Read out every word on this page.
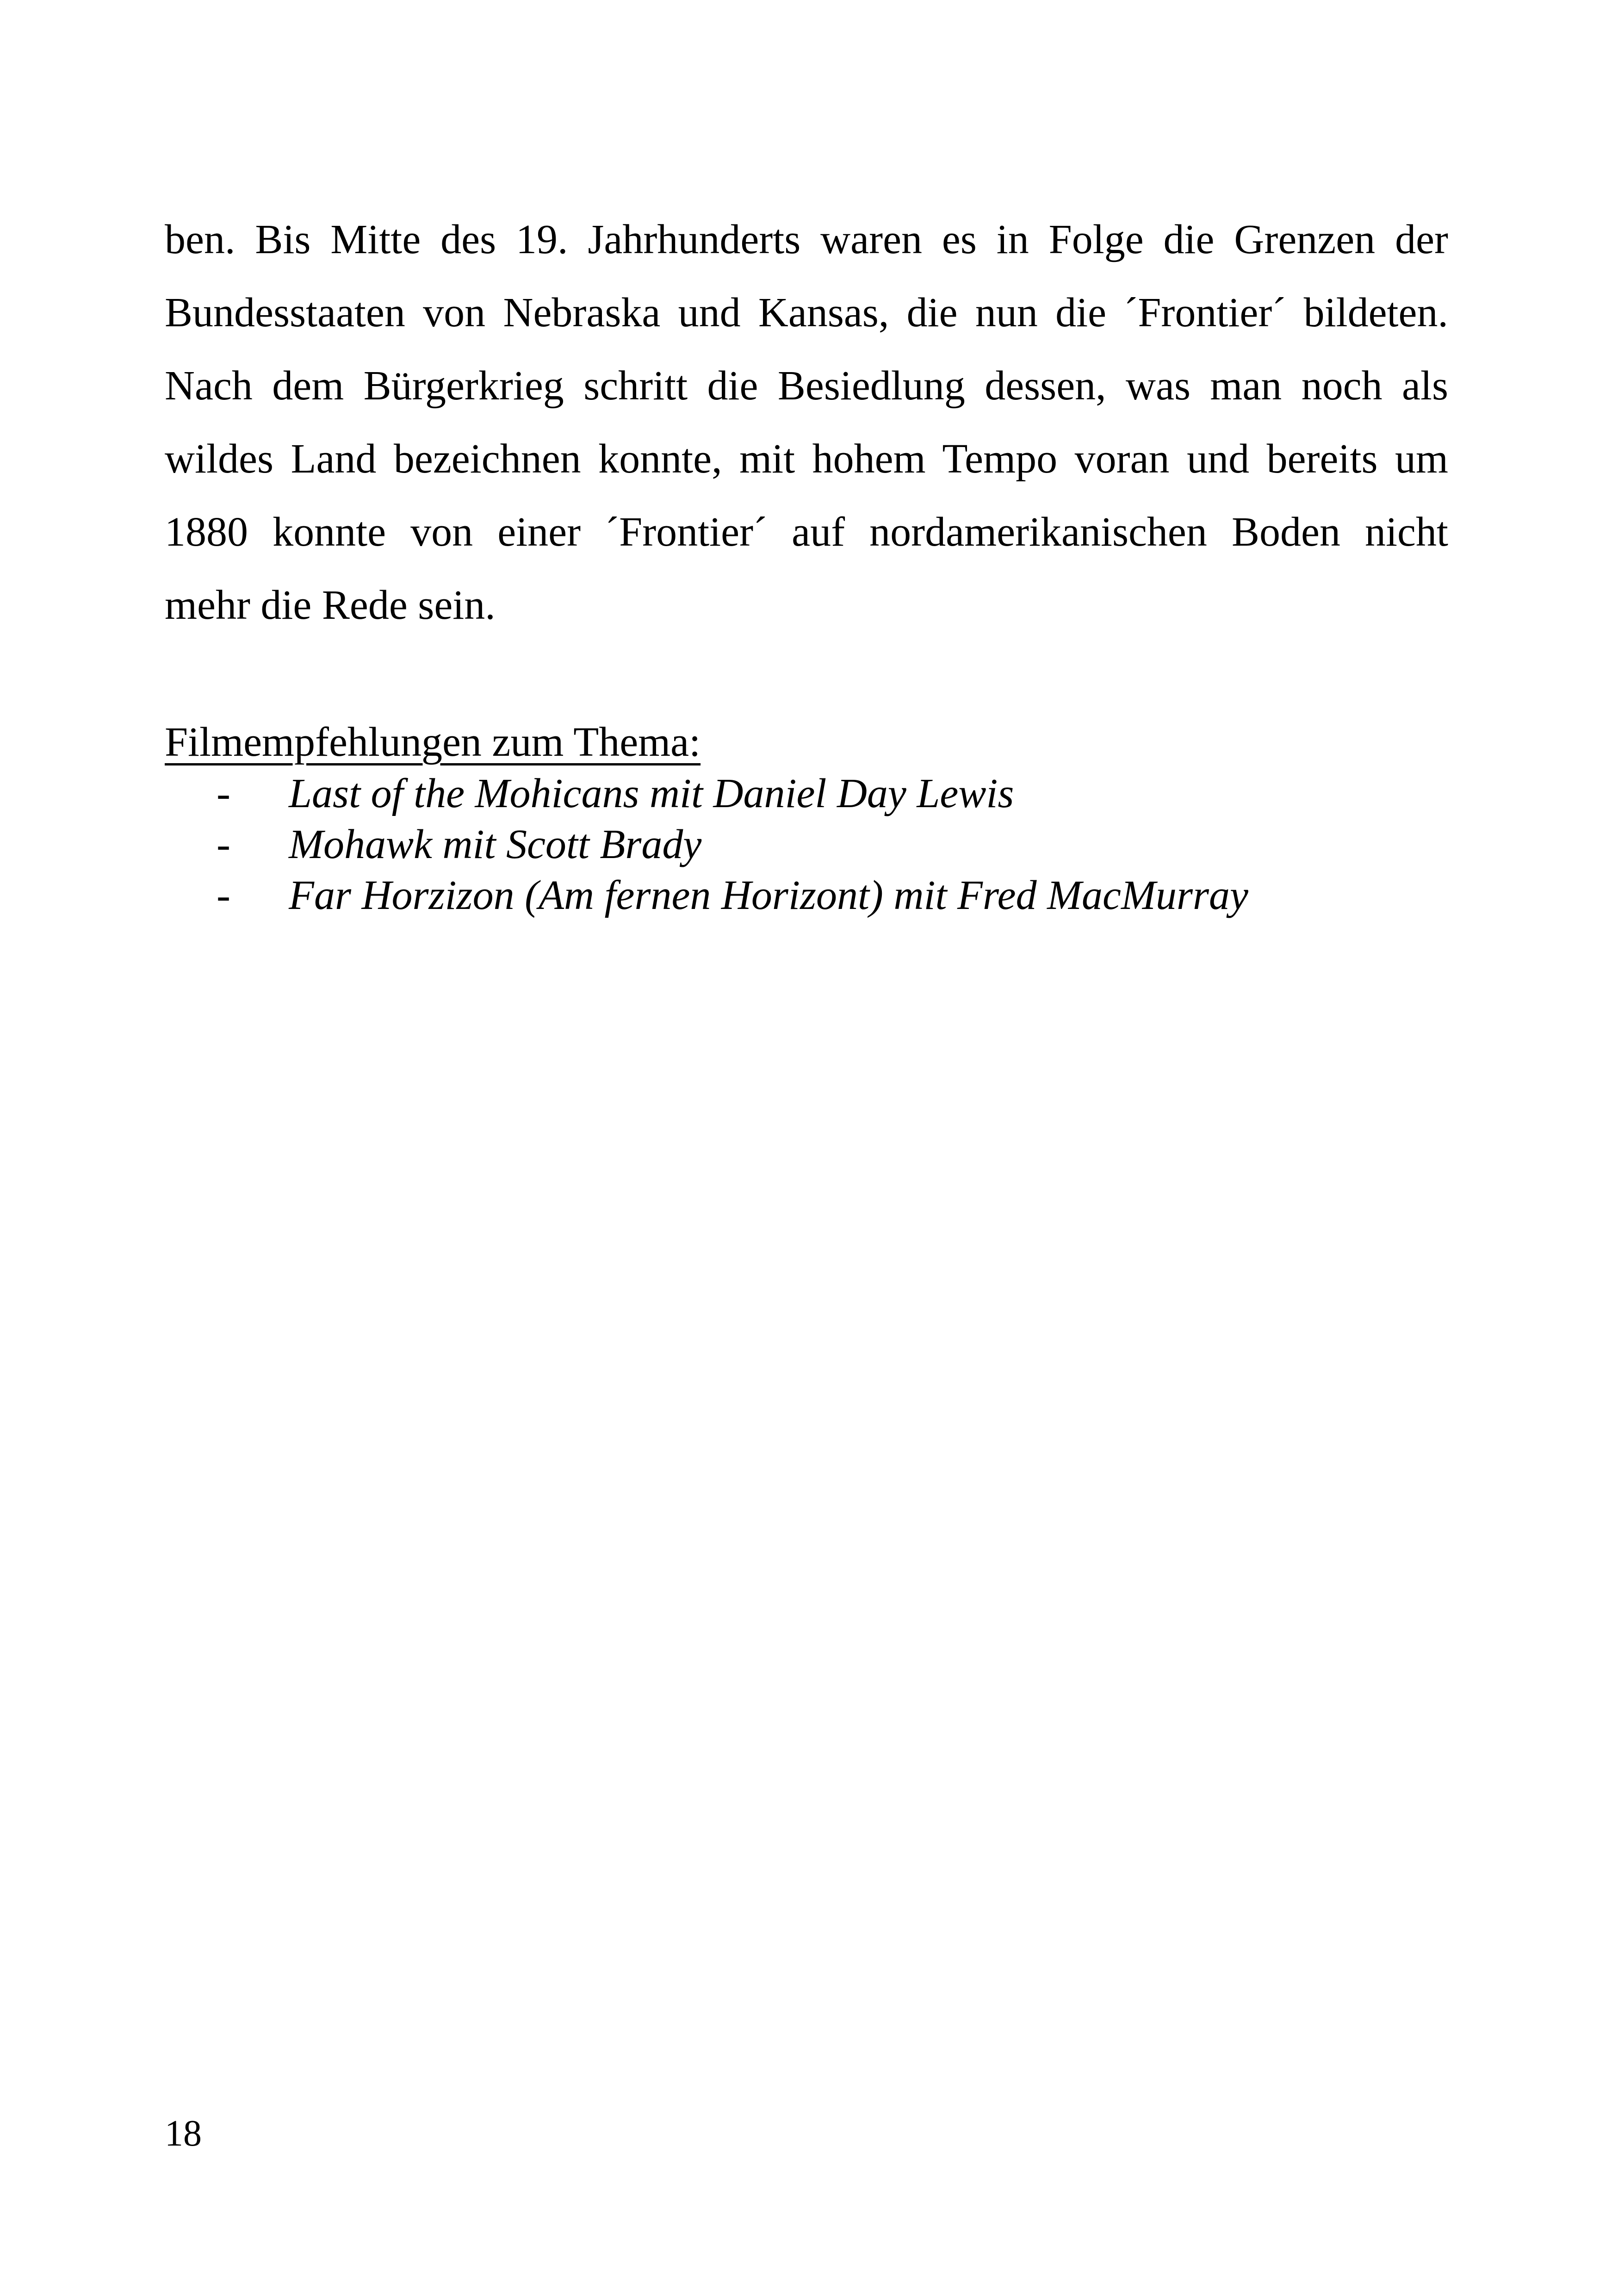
ben. Bis Mitte des 19. Jahrhunderts waren es in Folge die Grenzen der
Bundesstaaten von Nebraska und Kansas, die nun die ´Frontier´ bildeten.
Nach dem Bürgerkrieg schritt die Besiedlung dessen, was man noch als
wildes Land bezeichnen konnte, mit hohem Tempo voran und bereits um
1880 konnte von einer ´Frontier´ auf nordamerikanischen Boden nicht
mehr die Rede sein.
Filmempfehlungen zum Thema:
- Last of the Mohicans mit Daniel Day Lewis
- Mohawk mit Scott Brady
- Far Horzizon (Am fernen Horizont) mit Fred MacMurray
18
